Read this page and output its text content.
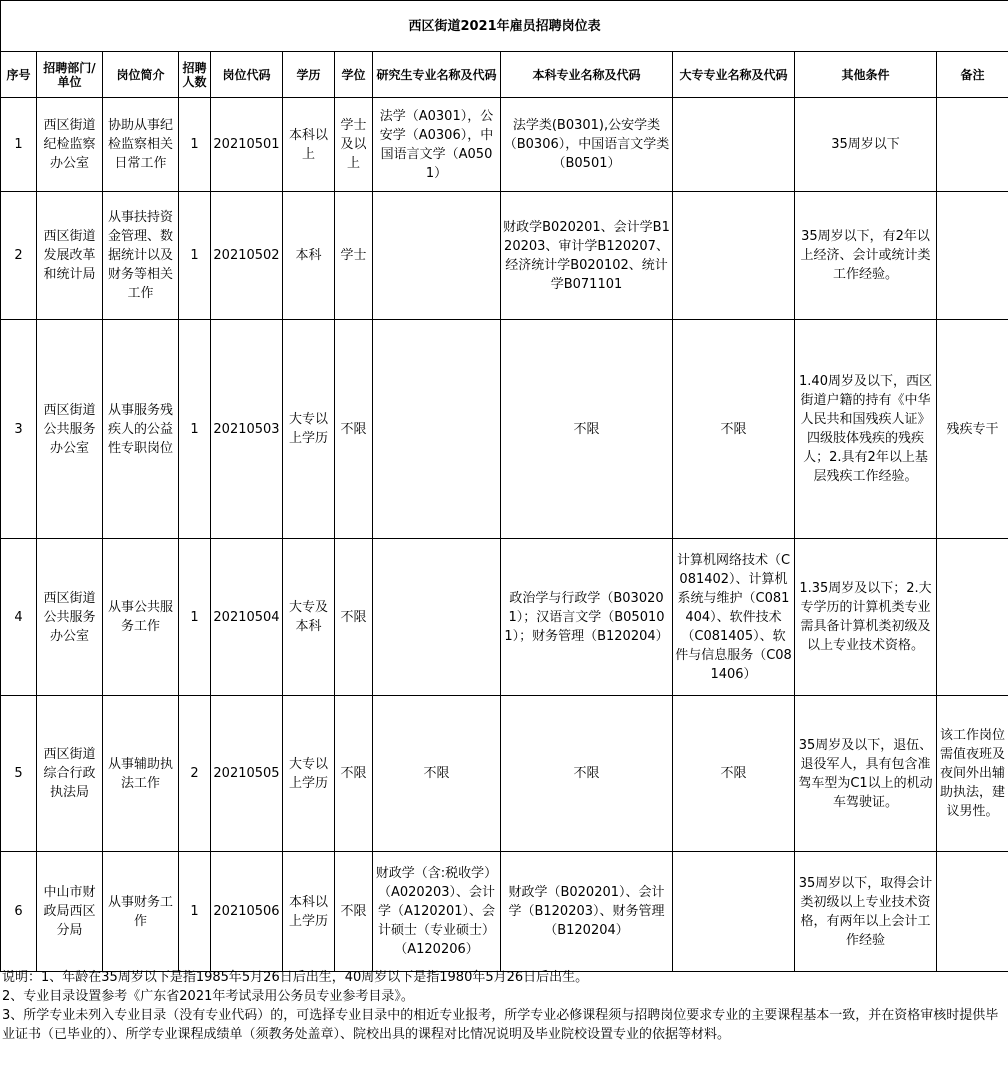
西区街道2021年雇员招聘岗位表											
序号	招聘部门/单位	岗位简介	招聘人数	岗位代码	学历	学位	研究生专业名称及代码	本科专业名称及代码	大专专业名称及代码	其他条件	备注
1	西区街道纪检监察办公室	协助从事纪检监察相关日常工作	1	20210501	本科以上	学士及以上	法学（A0301），公安学（A0306），中国语言文学（A0501）	法学类(B0301),公安学类（B0306），中国语言文学类（B0501）		35周岁以下	
2	西区街道发展改革和统计局	从事扶持资金管理、数据统计以及财务等相关工作	1	20210502	本科	学士		财政学B020201、会计学B120203、审计学B120207、经济统计学B020102、统计学B071101		35周岁以下，有2年以上经济、会计或统计类工作经验。	
3	西区街道公共服务办公室	从事服务残疾人的公益性专职岗位	1	20210503	大专以上学历	不限		不限	不限	1.40周岁及以下，西区街道户籍的持有《中华人民共和国残疾人证》四级肢体残疾的残疾人；2.具有2年以上基层残疾工作经验。	残疾专干
4	西区街道公共服务办公室	从事公共服务工作	1	20210504	大专及本科	不限		政治学与行政学（B030201）；汉语言文学（B050101）；财务管理（B120204）	计算机网络技术（C081402）、计算机系统与维护（C081404）、软件技术（C081405）、软件与信息服务（C081406）	1.35周岁及以下；2.大专学历的计算机类专业需具备计算机类初级及以上专业技术资格。	
5	西区街道综合行政执法局	从事辅助执法工作	2	20210505	大专以上学历	不限	不限	不限	不限	35周岁及以下，退伍、退役军人，具有包含准驾车型为C1以上的机动车驾驶证。	该工作岗位需值夜班及夜间外出辅助执法，建议男性。
6	中山市财政局西区分局	从事财务工作	1	20210506	本科以上学历	不限	财政学（含:税收学）（A020203）、会计学（A120201）、会计硕士（专业硕士）（A120206）	财政学（B020201）、会计学（B120203）、财务管理（B120204）		35周岁以下，取得会计类初级以上专业技术资格，有两年以上会计工作经验	
说明：1、年龄在35周岁以下是指1985年5月26日后出生，40周岁以下是指1980年5月26日后出生。
2、专业目录设置参考《广东省2021年考试录用公务员专业参考目录》。
3、所学专业未列入专业目录（没有专业代码）的，可选择专业目录中的相近专业报考，所学专业必修课程须与招聘岗位要求专业的主要课程基本一致，并在资格审核时提供毕业证书（已毕业的）、所学专业课程成绩单（须教务处盖章）、院校出具的课程对比情况说明及毕业院校设置专业的依据等材料。
